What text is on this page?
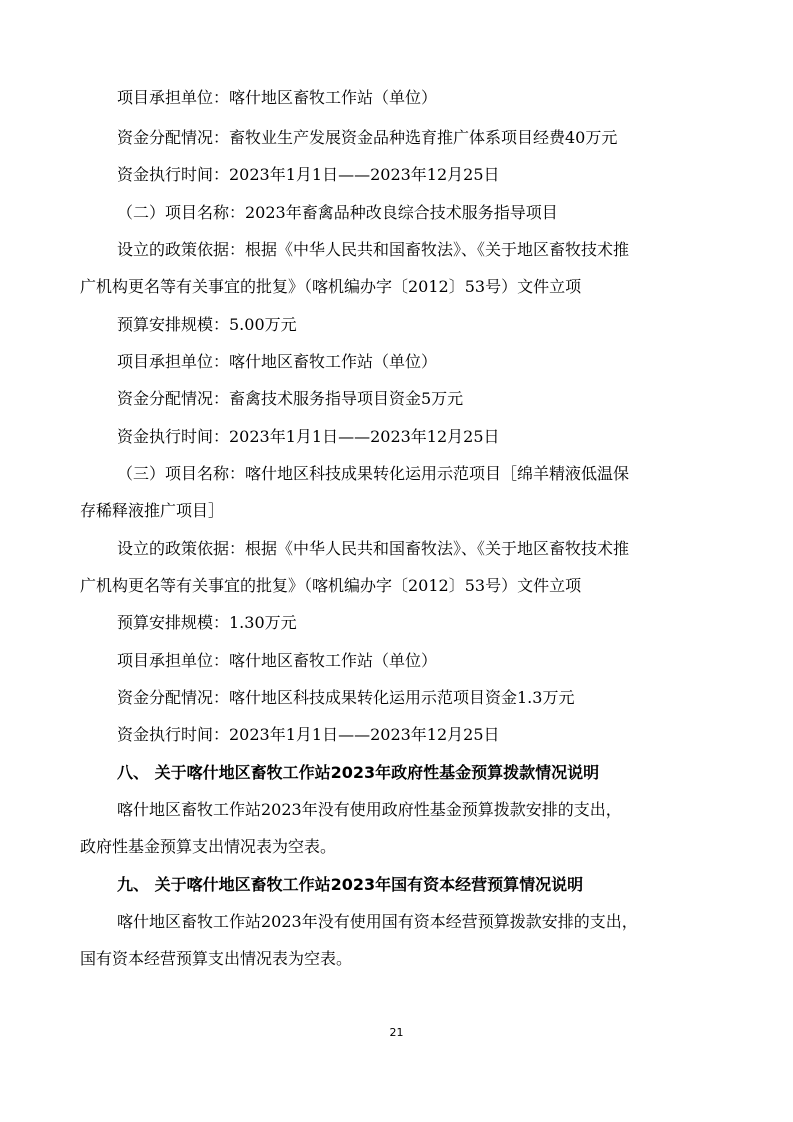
项目承担单位：喀什地区畜牧工作站（单位）
资金分配情况：畜牧业生产发展资金品种选育推广体系项目经费40万元
资金执行时间：2023年1月1日——2023年12月25日
（二）项目名称：2023年畜禽品种改良综合技术服务指导项目
设立的政策依据：根据《中华人民共和国畜牧法》、《关于地区畜牧技术推
广机构更名等有关事宜的批复》（喀机编办字〔2012〕53号）文件立项
预算安排规模：5.00万元
项目承担单位：喀什地区畜牧工作站（单位）
资金分配情况：畜禽技术服务指导项目资金5万元
资金执行时间：2023年1月1日——2023年12月25日
（三）项目名称：喀什地区科技成果转化运用示范项目［绵羊精液低温保
存稀释液推广项目］
设立的政策依据：根据《中华人民共和国畜牧法》、《关于地区畜牧技术推
广机构更名等有关事宜的批复》（喀机编办字〔2012〕53号）文件立项
预算安排规模：1.30万元
项目承担单位：喀什地区畜牧工作站（单位）
资金分配情况：喀什地区科技成果转化运用示范项目资金1.3万元
资金执行时间：2023年1月1日——2023年12月25日
八、 关于喀什地区畜牧工作站2023年政府性基金预算拨款情况说明
喀什地区畜牧工作站2023年没有使用政府性基金预算拨款安排的支出，
政府性基金预算支出情况表为空表。
九、 关于喀什地区畜牧工作站2023年国有资本经营预算情况说明
喀什地区畜牧工作站2023年没有使用国有资本经营预算拨款安排的支出，
国有资本经营预算支出情况表为空表。
21
